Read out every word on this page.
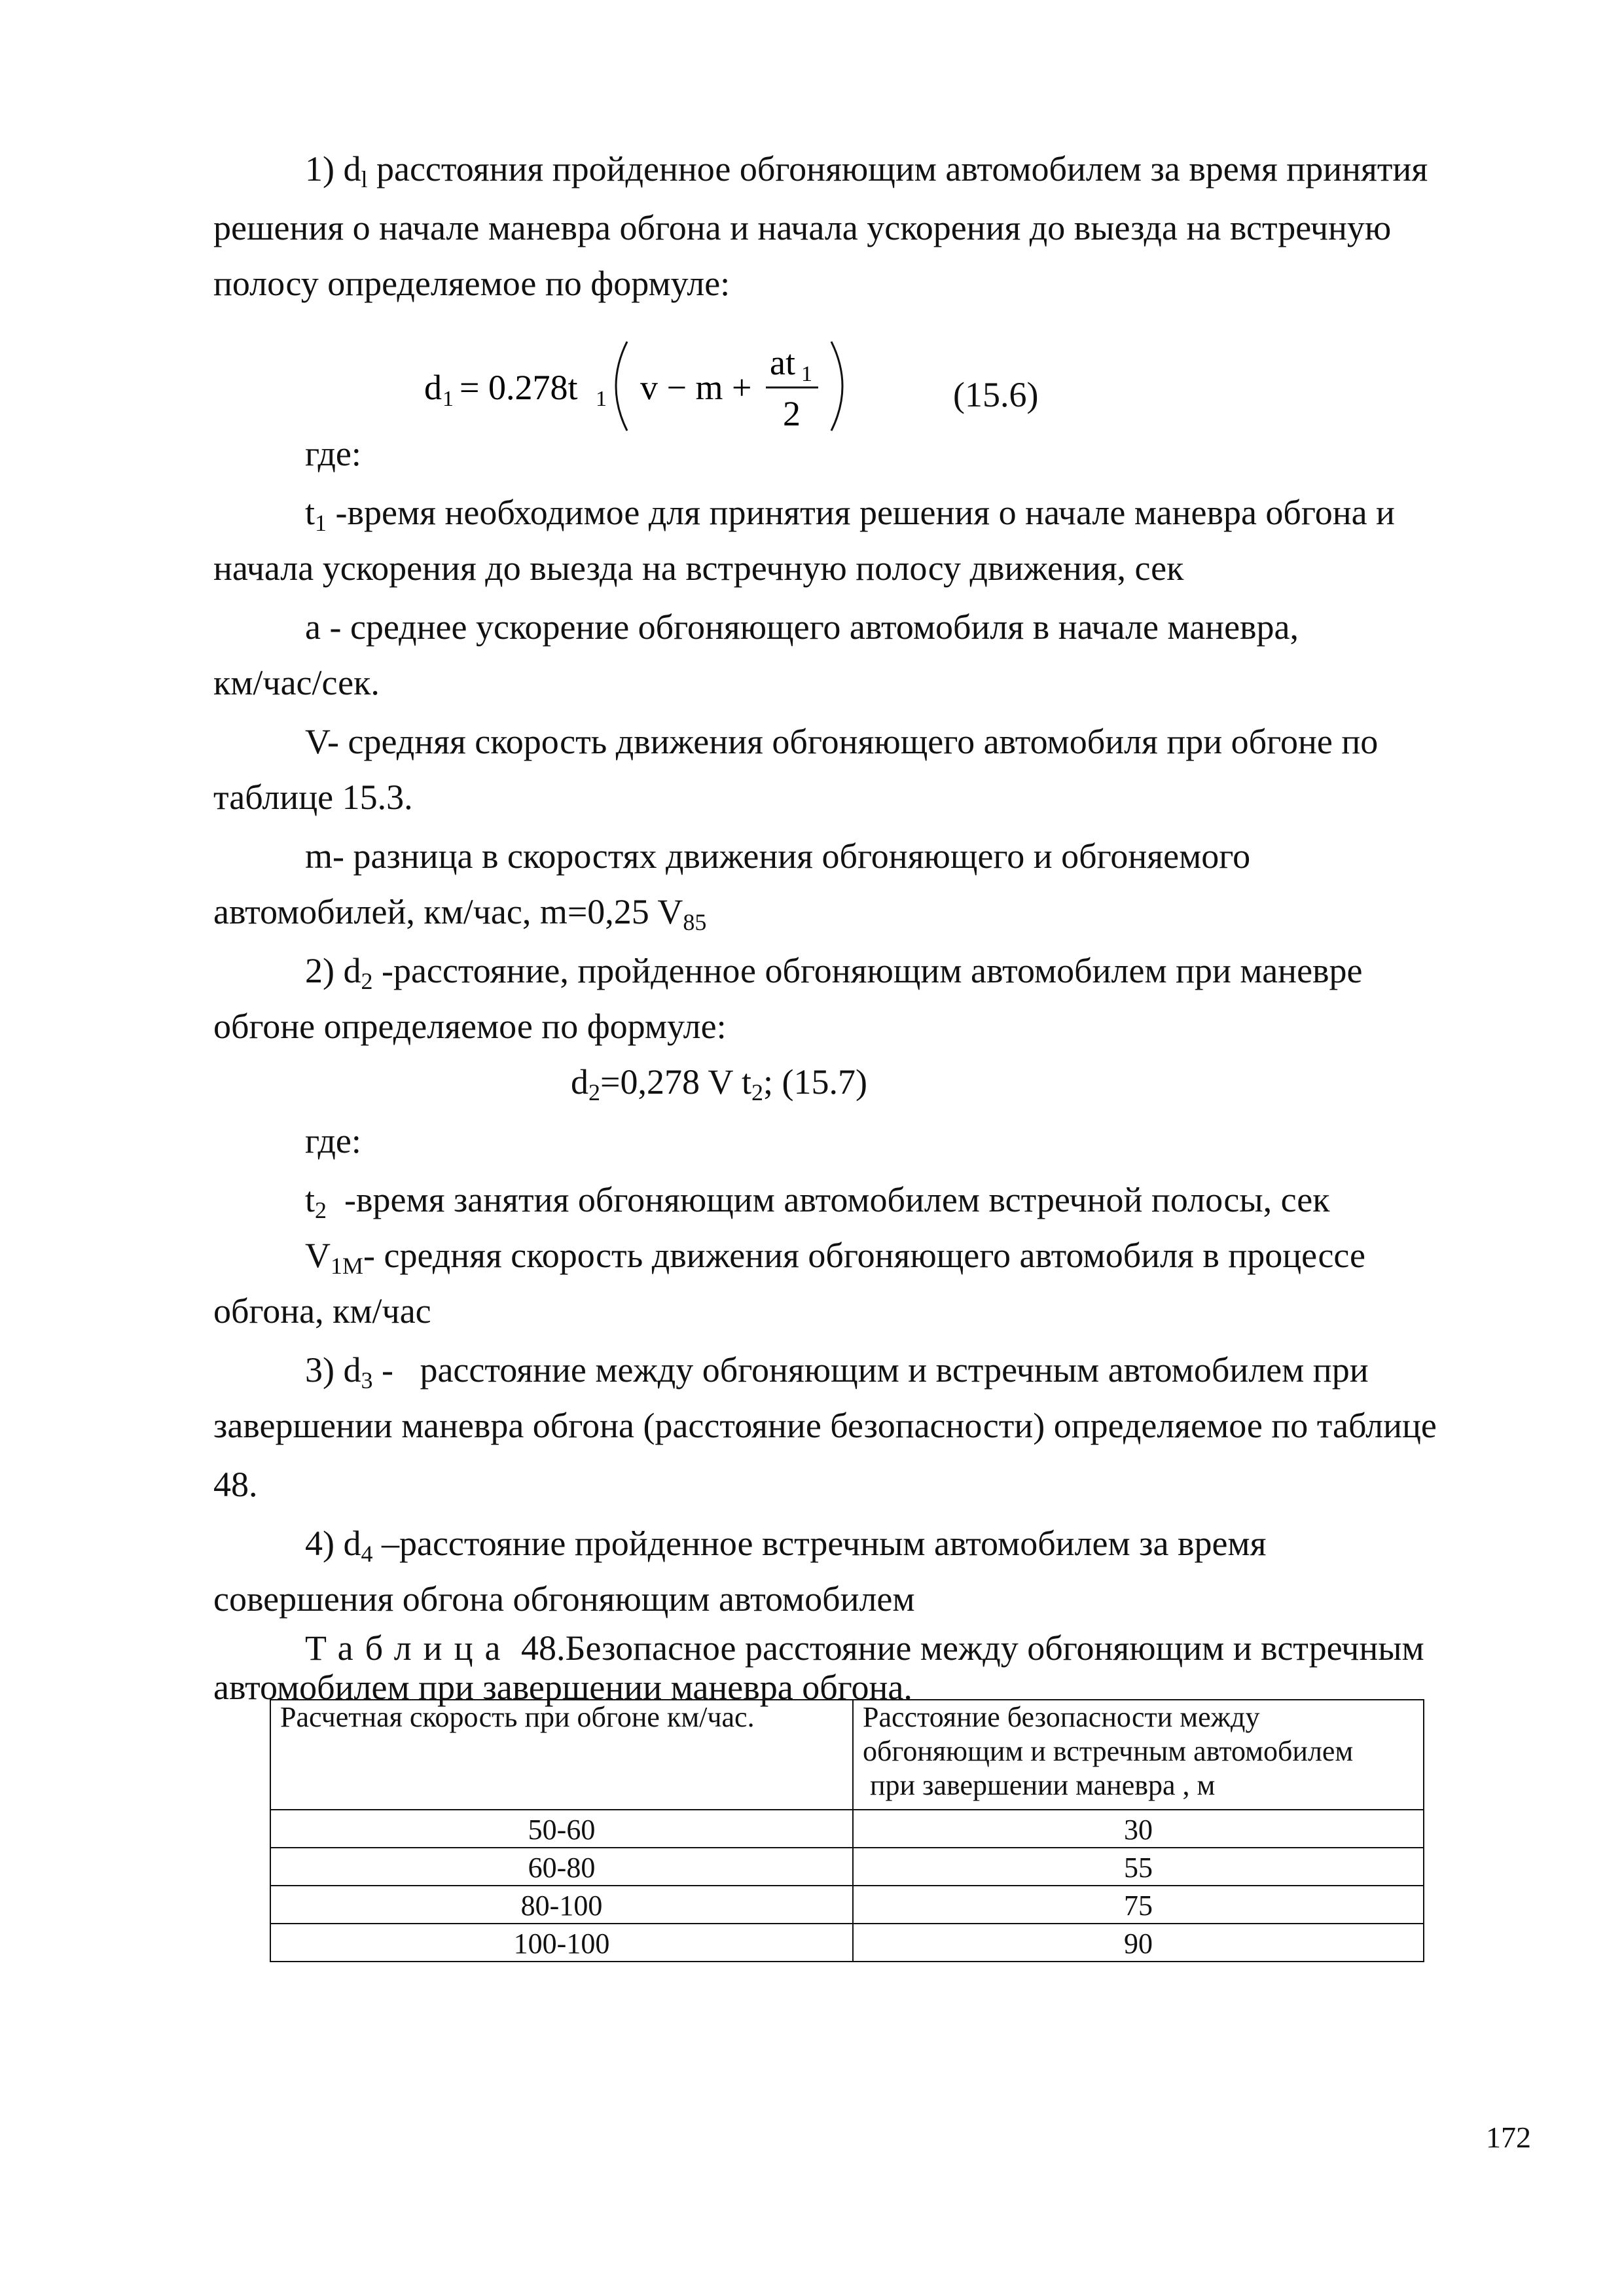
1) $d_l$ расстояния пройденное обгоняющим автомобилем за время принятия
решения о начале маневра обгона и начала ускорения до выезда на встречную
полосу определяемое по формуле:
d 1 = 0.278t 1 v − m +
at 1
2	(15.6)
где:
$t_1$ -время необходимое для принятия решения о начале маневра обгона и
начала ускорения до выезда на встречную полосу движения, сек
а - среднее ускорение обгоняющего автомобиля в начале маневра,
км/час/сек.
V- средняя скорость движения обгоняющего автомобиля при обгоне по
таблице 15.3.
m- разница в скоростях движения обгоняющего и обгоняемого
автомобилей, км/час, m=0,25 $V_{85}$
2) $d_2$ -расстояние, пройденное обгоняющим автомобилем при маневре
обгоне определяемое по формуле:
$d_2=0,278$ V $t_2$; (15.7)
где:
$t_2$  -время занятия обгоняющим автомобилем встречной полосы, сек
$V_{1М}-$ средняя скорость движения обгоняющего автомобиля в процессе
обгона, км/час
3) $d_3$ -   расстояние между обгоняющим и встречным автомобилем при
завершении маневра обгона (расстояние безопасности) определяемое по таблице
48.
4) $d_4$ –расстояние пройденное встречным автомобилем за время
совершения обгона обгоняющим автомобилем
Таблица 48.Безопасное расстояние между обгоняющим и встречным автомобилем при завершении маневра обгона.
Расчетная скорость при обгоне км/час.	Расстояние безопасности между
обгоняющим и встречным автомобилем
при завершении маневра , м

50-60	30
60-80	55
80-100	75
100-100	90
172
